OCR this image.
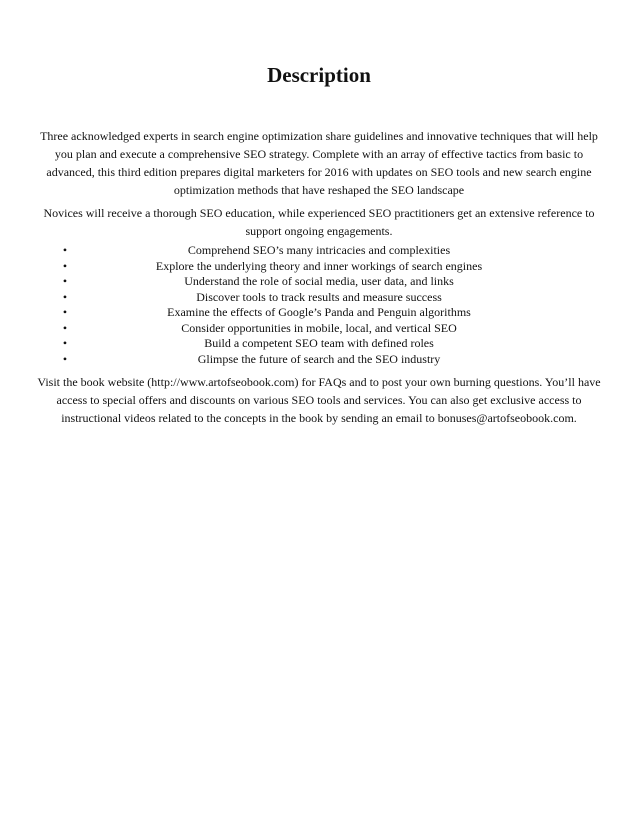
Description

Three acknowledged experts in search engine optimization share guidelines and innovative techniques that will help you plan and execute a comprehensive SEO strategy. Complete with an array of effective tactics from basic to advanced, this third edition prepares digital marketers for 2016 with updates on SEO tools and new search engine optimization methods that have reshaped the SEO landscape

Novices will receive a thorough SEO education, while experienced SEO practitioners get an extensive reference to support ongoing engagements.

•	Comprehend SEO’s many intricacies and complexities
•	Explore the underlying theory and inner workings of search engines
•	Understand the role of social media, user data, and links
•	Discover tools to track results and measure success
•	Examine the effects of Google’s Panda and Penguin algorithms
•	Consider opportunities in mobile, local, and vertical SEO
•	Build a competent SEO team with defined roles
•	Glimpse the future of search and the SEO industry

Visit the book website (http://www.artofseobook.com) for FAQs and to post your own burning questions. You’ll have access to special offers and discounts on various SEO tools and services. You can also get exclusive access to instructional videos related to the concepts in the book by sending an email to bonuses@artofseobook.com.
